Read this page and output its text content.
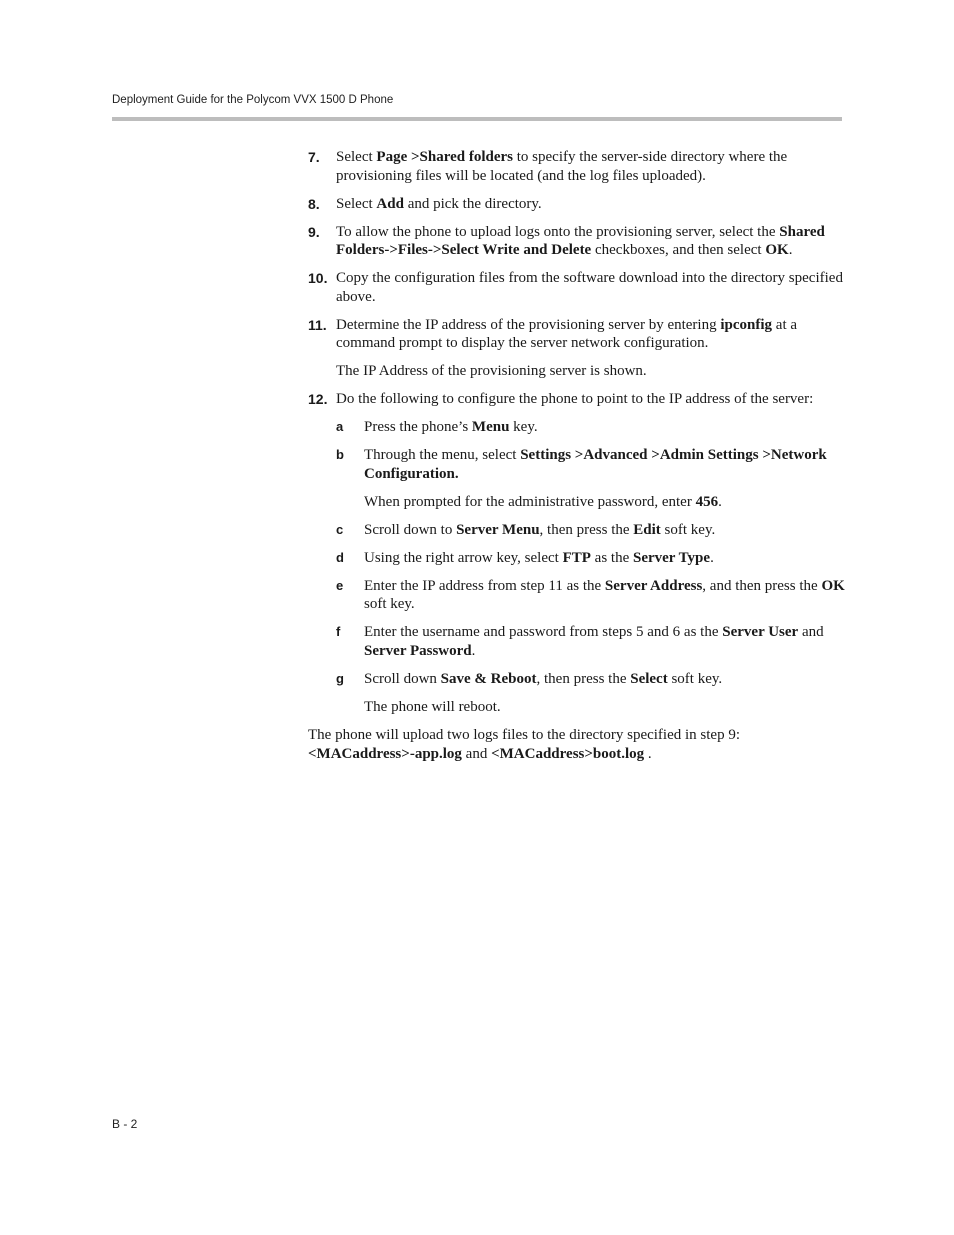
Deployment Guide for the Polycom VVX 1500 D Phone
7. Select Page >Shared folders to specify the server-side directory where the provisioning files will be located (and the log files uploaded).

8. Select Add and pick the directory.

9. To allow the phone to upload logs onto the provisioning server, select the Shared Folders->Files->Select Write and Delete checkboxes, and then select OK.

10. Copy the configuration files from the software download into the directory specified above.

11. Determine the IP address of the provisioning server by entering ipconfig at a command prompt to display the server network configuration.

The IP Address of the provisioning server is shown.

12. Do the following to configure the phone to point to the IP address of the server:

a Press the phone’s Menu key.

b Through the menu, select Settings >Advanced >Admin Settings >Network Configuration.

When prompted for the administrative password, enter 456.

c Scroll down to Server Menu, then press the Edit soft key.

d Using the right arrow key, select FTP as the Server Type.

e Enter the IP address from step 11 as the Server Address, and then press the OK soft key.

f Enter the username and password from steps 5 and 6 as the Server User and Server Password.

g Scroll down Save & Reboot, then press the Select soft key.

The phone will reboot.

The phone will upload two logs files to the directory specified in step 9: <MACaddress>-app.log and <MACaddress>boot.log .

B - 2
